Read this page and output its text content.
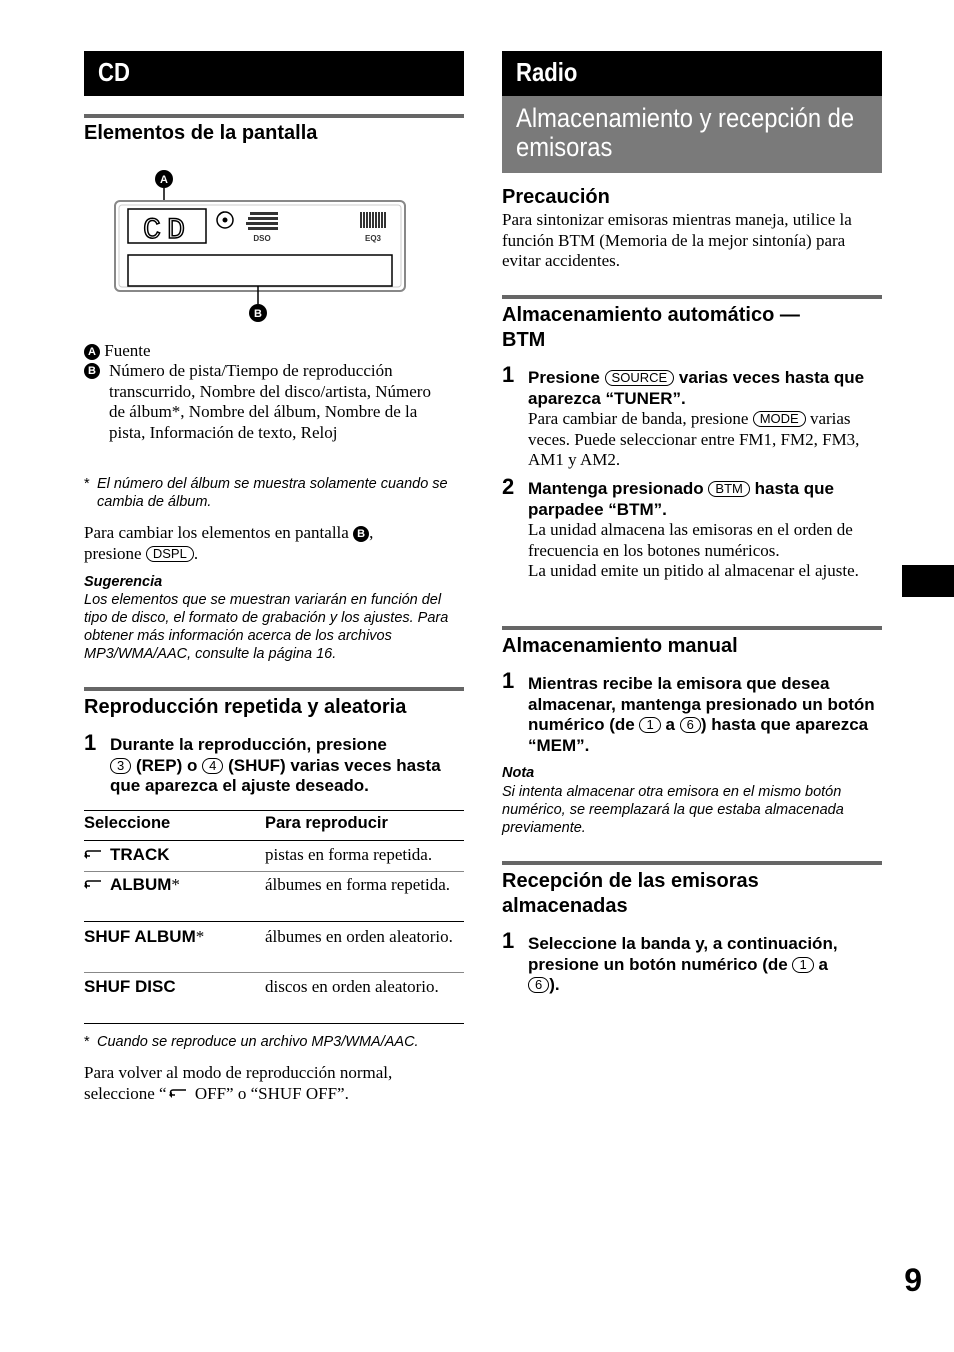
CD
Elementos de la pantalla
A
CD	DSO	EQ3
B
A Fuente
B Número de pista/Tiempo de reproducción transcurrido, Nombre del disco/artista, Número de álbum*, Nombre del álbum, Nombre de la pista, Información de texto, Reloj
* El número del álbum se muestra solamente cuando se cambia de álbum.
Para cambiar los elementos en pantalla B ,
presione DSPL .
Sugerencia
Los elementos que se muestran variarán en función del tipo de disco, el formato de grabación y los ajustes. Para obtener más información acerca de los archivos MP3/WMA/AAC, consulte la página 16.
Reproducción repetida y aleatoria
1 Durante la reproducción, presione
3 (REP) o 4 (SHUF) varias veces hasta que aparezca el ajuste deseado.
Seleccione	Para reproducir
TRACK	pistas en forma repetida.
ALBUM*	álbumes en forma repetida.
SHUF ALBUM*	álbumes en orden aleatorio.
SHUF DISC	discos en orden aleatorio.
* Cuando se reproduce un archivo MP3/WMA/AAC.
Para volver al modo de reproducción normal, seleccione “ OFF” o “SHUF OFF”.
Radio
Almacenamiento y recepción de emisoras
Precaución
Para sintonizar emisoras mientras maneja, utilice la función BTM (Memoria de la mejor sintonía) para evitar accidentes.
Almacenamiento automático — BTM
1 Presione SOURCE varias veces hasta que aparezca “TUNER”.
Para cambiar de banda, presione MODE varias veces. Puede seleccionar entre FM1, FM2, FM3, AM1 y AM2.
2 Mantenga presionado BTM hasta que parpadee “BTM”.
La unidad almacena las emisoras en el orden de frecuencia en los botones numéricos.
La unidad emite un pitido al almacenar el ajuste.
Almacenamiento manual
1 Mientras recibe la emisora que desea almacenar, mantenga presionado un botón numérico (de 1 a 6 ) hasta que aparezca “MEM”.
Nota
Si intenta almacenar otra emisora en el mismo botón numérico, se reemplazará la que estaba almacenada previamente.
Recepción de las emisoras almacenadas
1 Seleccione la banda y, a continuación, presione un botón numérico (de 1 a
6 ).
9
